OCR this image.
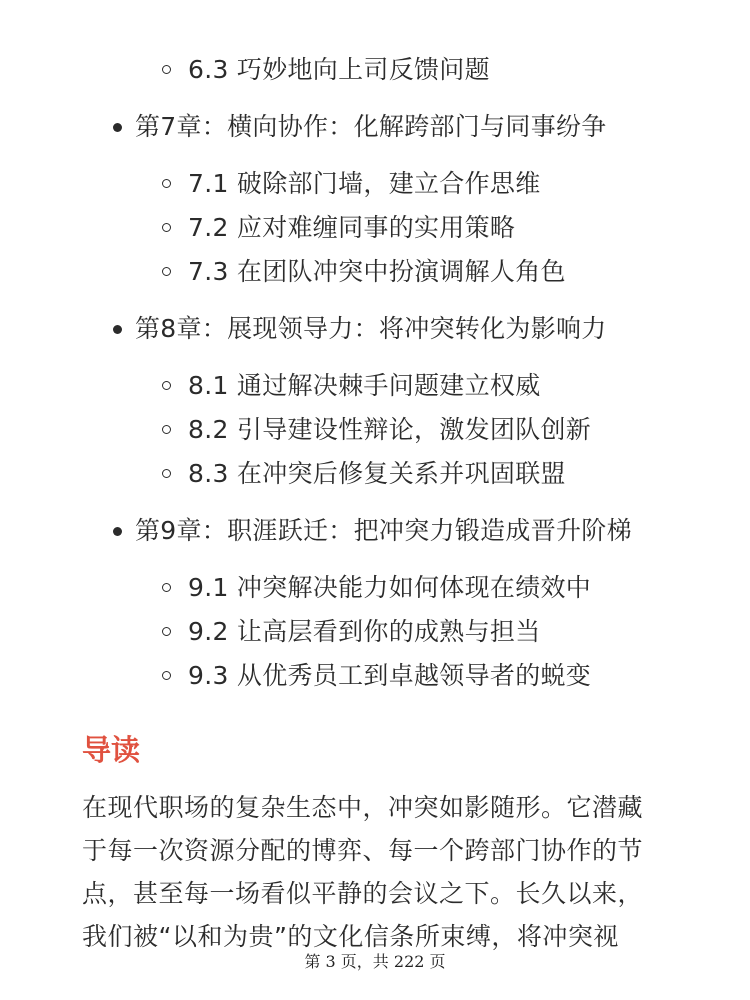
6.3 巧妙地向上司反馈问题
第7章：横向协作：化解跨部门与同事纷争
7.1 破除部门墙，建立合作思维
7.2 应对难缠同事的实用策略
7.3 在团队冲突中扮演调解人角色
第8章：展现领导力：将冲突转化为影响力
8.1 通过解决棘手问题建立权威
8.2 引导建设性辩论，激发团队创新
8.3 在冲突后修复关系并巩固联盟
第9章：职涯跃迁：把冲突力锻造成晋升阶梯
9.1 冲突解决能力如何体现在绩效中
9.2 让高层看到你的成熟与担当
9.3 从优秀员工到卓越领导者的蜕变
导读
在现代职场的复杂生态中，冲突如影随形。它潜藏
于每一次资源分配的博弈、每一个跨部门协作的节
点，甚至每一场看似平静的会议之下。长久以来，
我们被“以和为贵”的文化信条所束缚，将冲突视
第 3 页，共 222 页
